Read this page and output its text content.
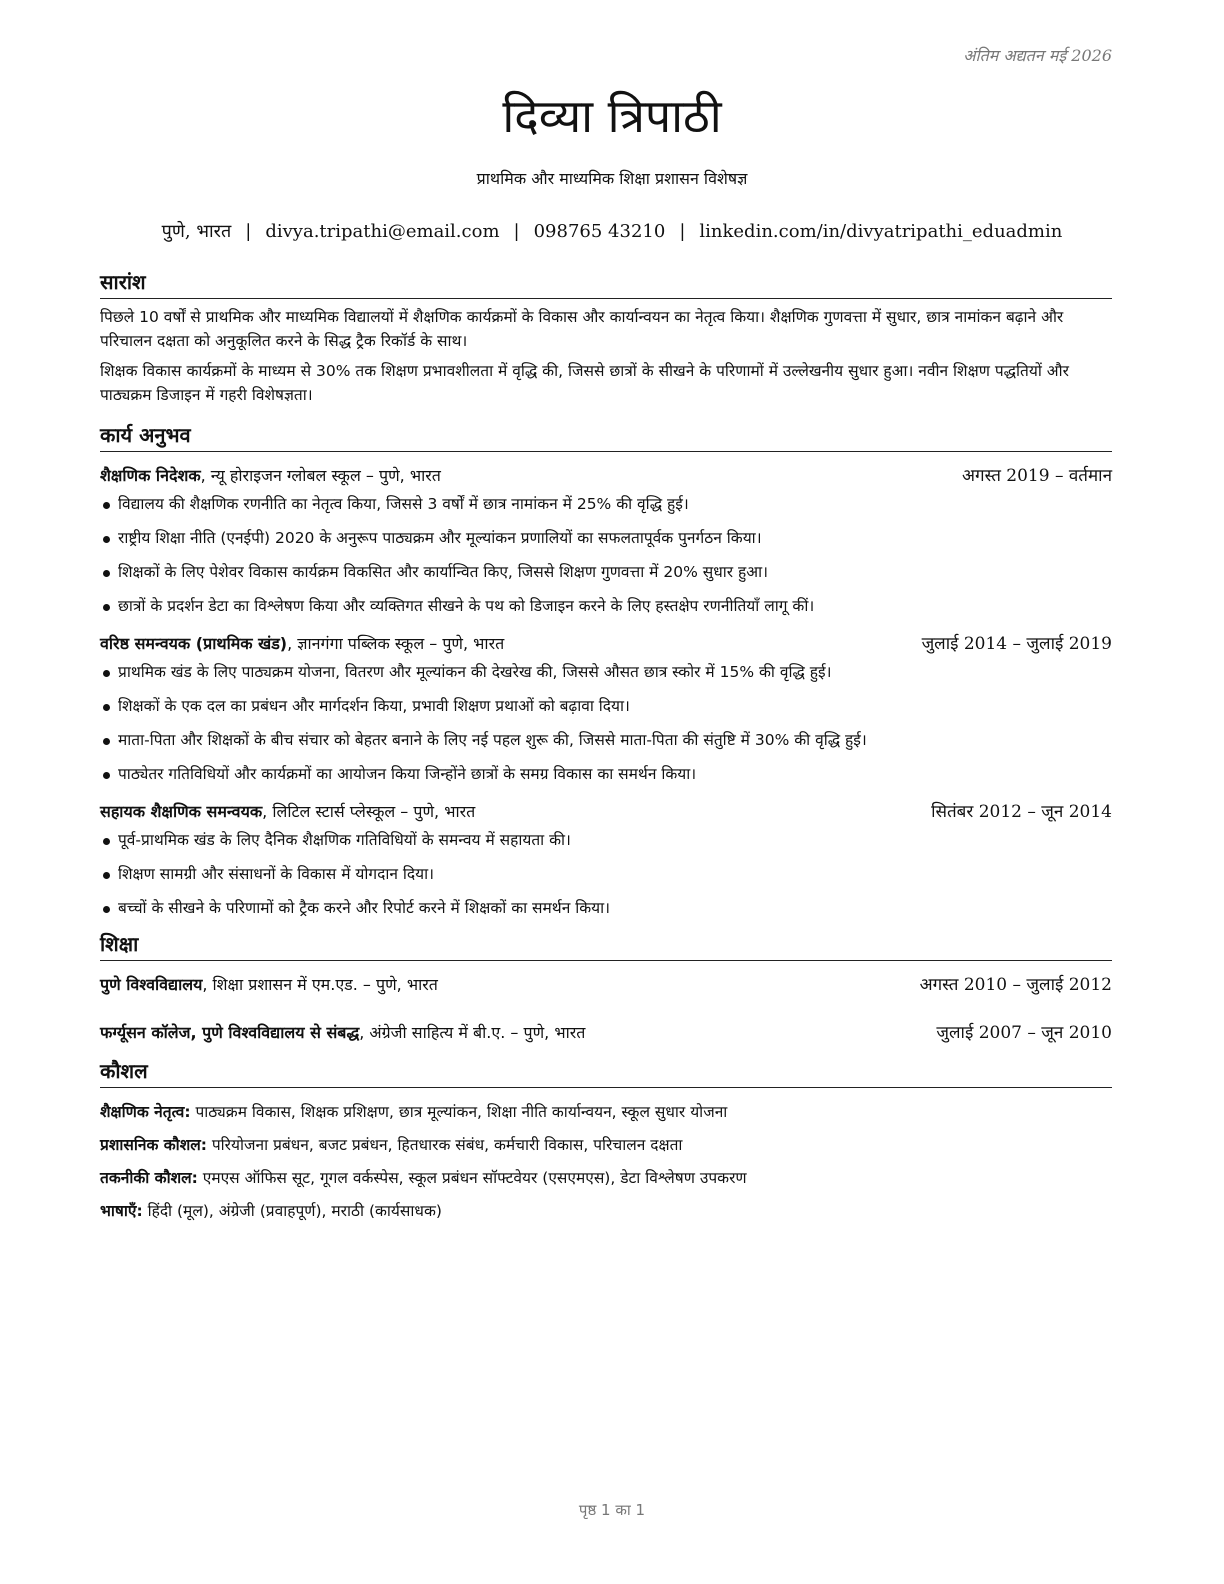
अंतिम अद्यतन मई 2026
दिव्या त्रिपाठी
प्राथमिक और माध्यमिक शिक्षा प्रशासन विशेषज्ञ
पुणे, भारत | divya.tripathi@email.com | 098765 43210 | linkedin.com/in/divyatripathi_eduadmin
सारांश

पिछले 10 वर्षों से प्राथमिक और माध्यमिक विद्यालयों में शैक्षणिक कार्यक्रमों के विकास और कार्यान्वयन का नेतृत्व किया। शैक्षणिक गुणवत्ता में सुधार, छात्र नामांकन बढ़ाने और परिचालन दक्षता को अनुकूलित करने के सिद्ध ट्रैक रिकॉर्ड के साथ।

शिक्षक विकास कार्यक्रमों के माध्यम से 30% तक शिक्षण प्रभावशीलता में वृद्धि की, जिससे छात्रों के सीखने के परिणामों में उल्लेखनीय सुधार हुआ। नवीन शिक्षण पद्धतियों और पाठ्यक्रम डिजाइन में गहरी विशेषज्ञता।

कार्य अनुभव
शैक्षणिक निदेशक, न्यू होराइजन ग्लोबल स्कूल – पुणे, भारत	अगस्त 2019 – वर्तमान
विद्यालय की शैक्षणिक रणनीति का नेतृत्व किया, जिससे 3 वर्षों में छात्र नामांकन में 25% की वृद्धि हुई।
राष्ट्रीय शिक्षा नीति (एनईपी) 2020 के अनुरूप पाठ्यक्रम और मूल्यांकन प्रणालियों का सफलतापूर्वक पुनर्गठन किया।
शिक्षकों के लिए पेशेवर विकास कार्यक्रम विकसित और कार्यान्वित किए, जिससे शिक्षण गुणवत्ता में 20% सुधार हुआ।
छात्रों के प्रदर्शन डेटा का विश्लेषण किया और व्यक्तिगत सीखने के पथ को डिजाइन करने के लिए हस्तक्षेप रणनीतियाँ लागू कीं।
वरिष्ठ समन्वयक (प्राथमिक खंड), ज्ञानगंगा पब्लिक स्कूल – पुणे, भारत	जुलाई 2014 – जुलाई 2019
प्राथमिक खंड के लिए पाठ्यक्रम योजना, वितरण और मूल्यांकन की देखरेख की, जिससे औसत छात्र स्कोर में 15% की वृद्धि हुई।
शिक्षकों के एक दल का प्रबंधन और मार्गदर्शन किया, प्रभावी शिक्षण प्रथाओं को बढ़ावा दिया।
माता-पिता और शिक्षकों के बीच संचार को बेहतर बनाने के लिए नई पहल शुरू की, जिससे माता-पिता की संतुष्टि में 30% की वृद्धि हुई।
पाठ्येतर गतिविधियों और कार्यक्रमों का आयोजन किया जिन्होंने छात्रों के समग्र विकास का समर्थन किया।
सहायक शैक्षणिक समन्वयक, लिटिल स्टार्स प्लेस्कूल – पुणे, भारत	सितंबर 2012 – जून 2014
पूर्व-प्राथमिक खंड के लिए दैनिक शैक्षणिक गतिविधियों के समन्वय में सहायता की।
शिक्षण सामग्री और संसाधनों के विकास में योगदान दिया।
बच्चों के सीखने के परिणामों को ट्रैक करने और रिपोर्ट करने में शिक्षकों का समर्थन किया।
शिक्षा
पुणे विश्वविद्यालय, शिक्षा प्रशासन में एम.एड. – पुणे, भारत	अगस्त 2010 – जुलाई 2012
फर्ग्यूसन कॉलेज, पुणे विश्वविद्यालय से संबद्ध, अंग्रेजी साहित्य में बी.ए. – पुणे, भारत	जुलाई 2007 – जून 2010
कौशल
शैक्षणिक नेतृत्व: पाठ्यक्रम विकास, शिक्षक प्रशिक्षण, छात्र मूल्यांकन, शिक्षा नीति कार्यान्वयन, स्कूल सुधार योजना
प्रशासनिक कौशल: परियोजना प्रबंधन, बजट प्रबंधन, हितधारक संबंध, कर्मचारी विकास, परिचालन दक्षता
तकनीकी कौशल: एमएस ऑफिस सूट, गूगल वर्कस्पेस, स्कूल प्रबंधन सॉफ्टवेयर (एसएमएस), डेटा विश्लेषण उपकरण
भाषाएँ: हिंदी (मूल), अंग्रेजी (प्रवाहपूर्ण), मराठी (कार्यसाधक)
पृष्ठ 1 का 1
